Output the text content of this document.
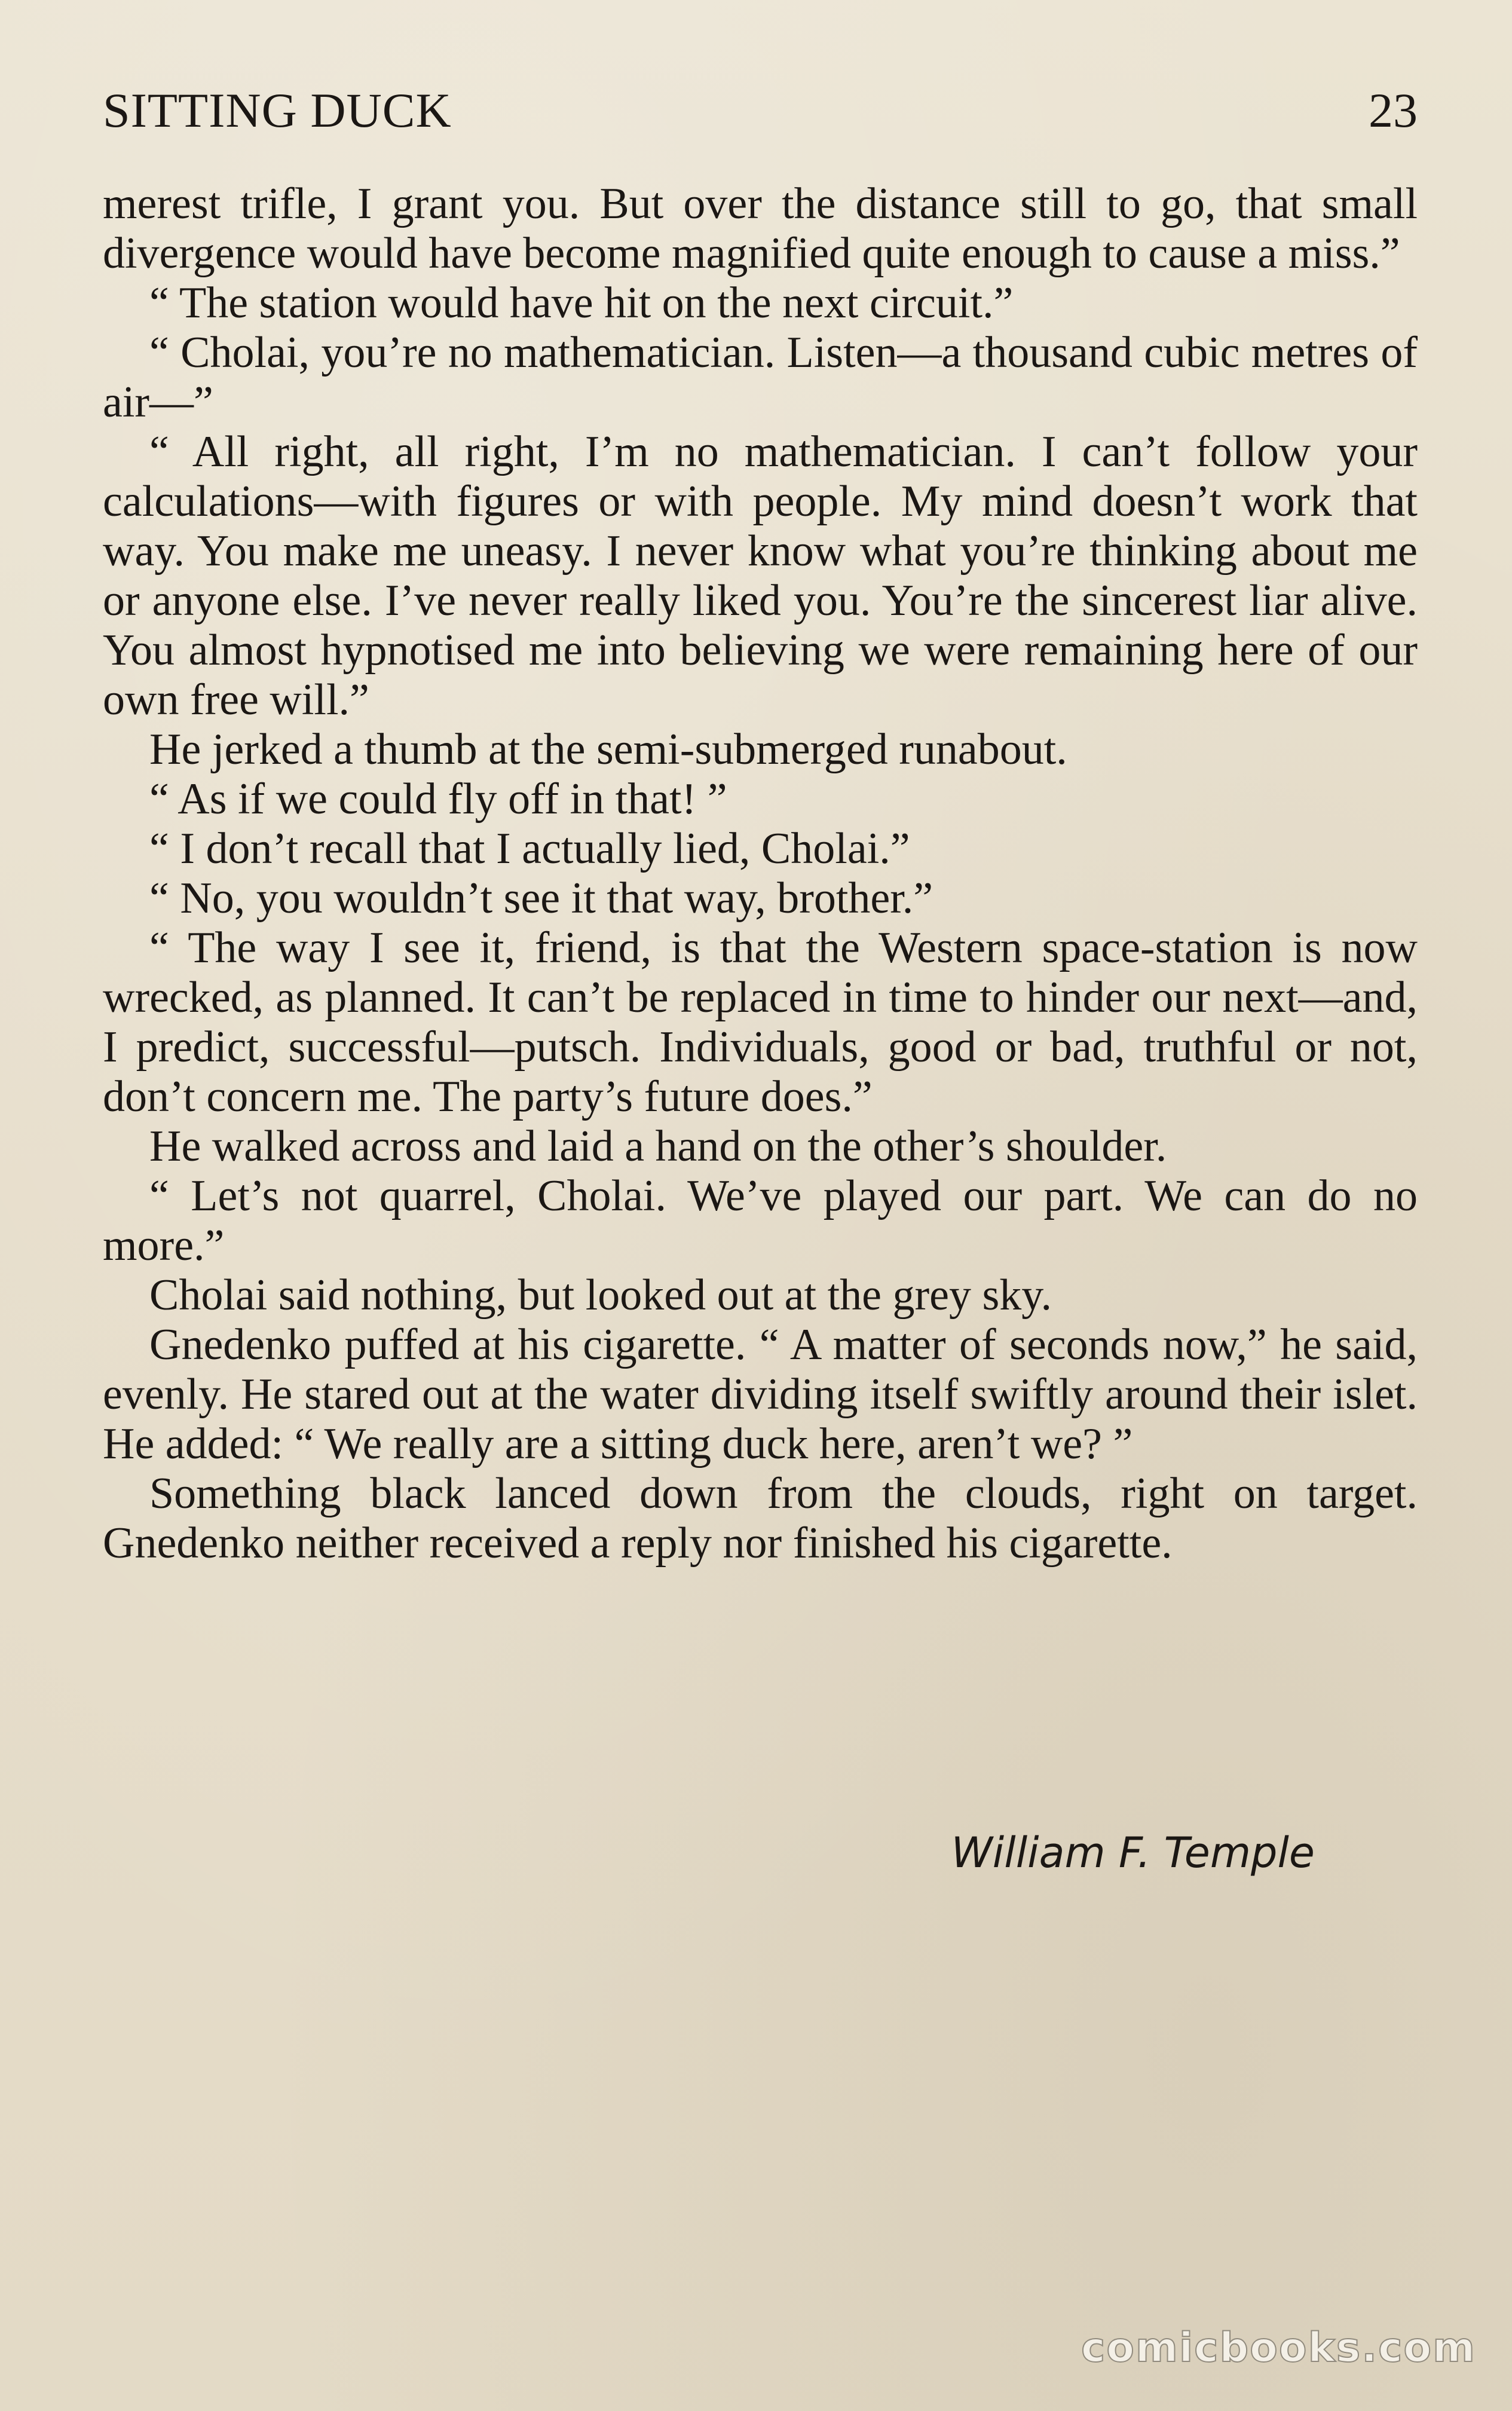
SITTING DUCK	23

merest trifle, I grant you. But over the distance still to go, that small divergence would have become magnified quite enough to cause a miss.”

“ The station would have hit on the next circuit.”

“ Cholai, you’re no mathematician. Listen—a thousand cubic metres of air—”

“ All right, all right, I’m no mathematician. I can’t follow your calculations—with figures or with people. My mind doesn’t work that way. You make me uneasy. I never know what you’re thinking about me or anyone else. I’ve never really liked you. You’re the sincerest liar alive. You almost hypnotised me into believing we were remaining here of our own free will.”

He jerked a thumb at the semi-submerged runabout.

“ As if we could fly off in that! ”

“ I don’t recall that I actually lied, Cholai.”

“ No, you wouldn’t see it that way, brother.”

“ The way I see it, friend, is that the Western space-station is now wrecked, as planned. It can’t be replaced in time to hinder our next—and, I predict, successful—putsch. Individuals, good or bad, truthful or not, don’t concern me. The party’s future does.”

He walked across and laid a hand on the other’s shoulder.

“ Let’s not quarrel, Cholai. We’ve played our part. We can do no more.”

Cholai said nothing, but looked out at the grey sky.

Gnedenko puffed at his cigarette. “ A matter of seconds now,” he said, evenly. He stared out at the water dividing itself swiftly around their islet. He added: “ We really are a sitting duck here, aren’t we? ”

Something black lanced down from the clouds, right on target. Gnedenko neither received a reply nor finished his cigarette.

William F. Temple
comicbooks.com
